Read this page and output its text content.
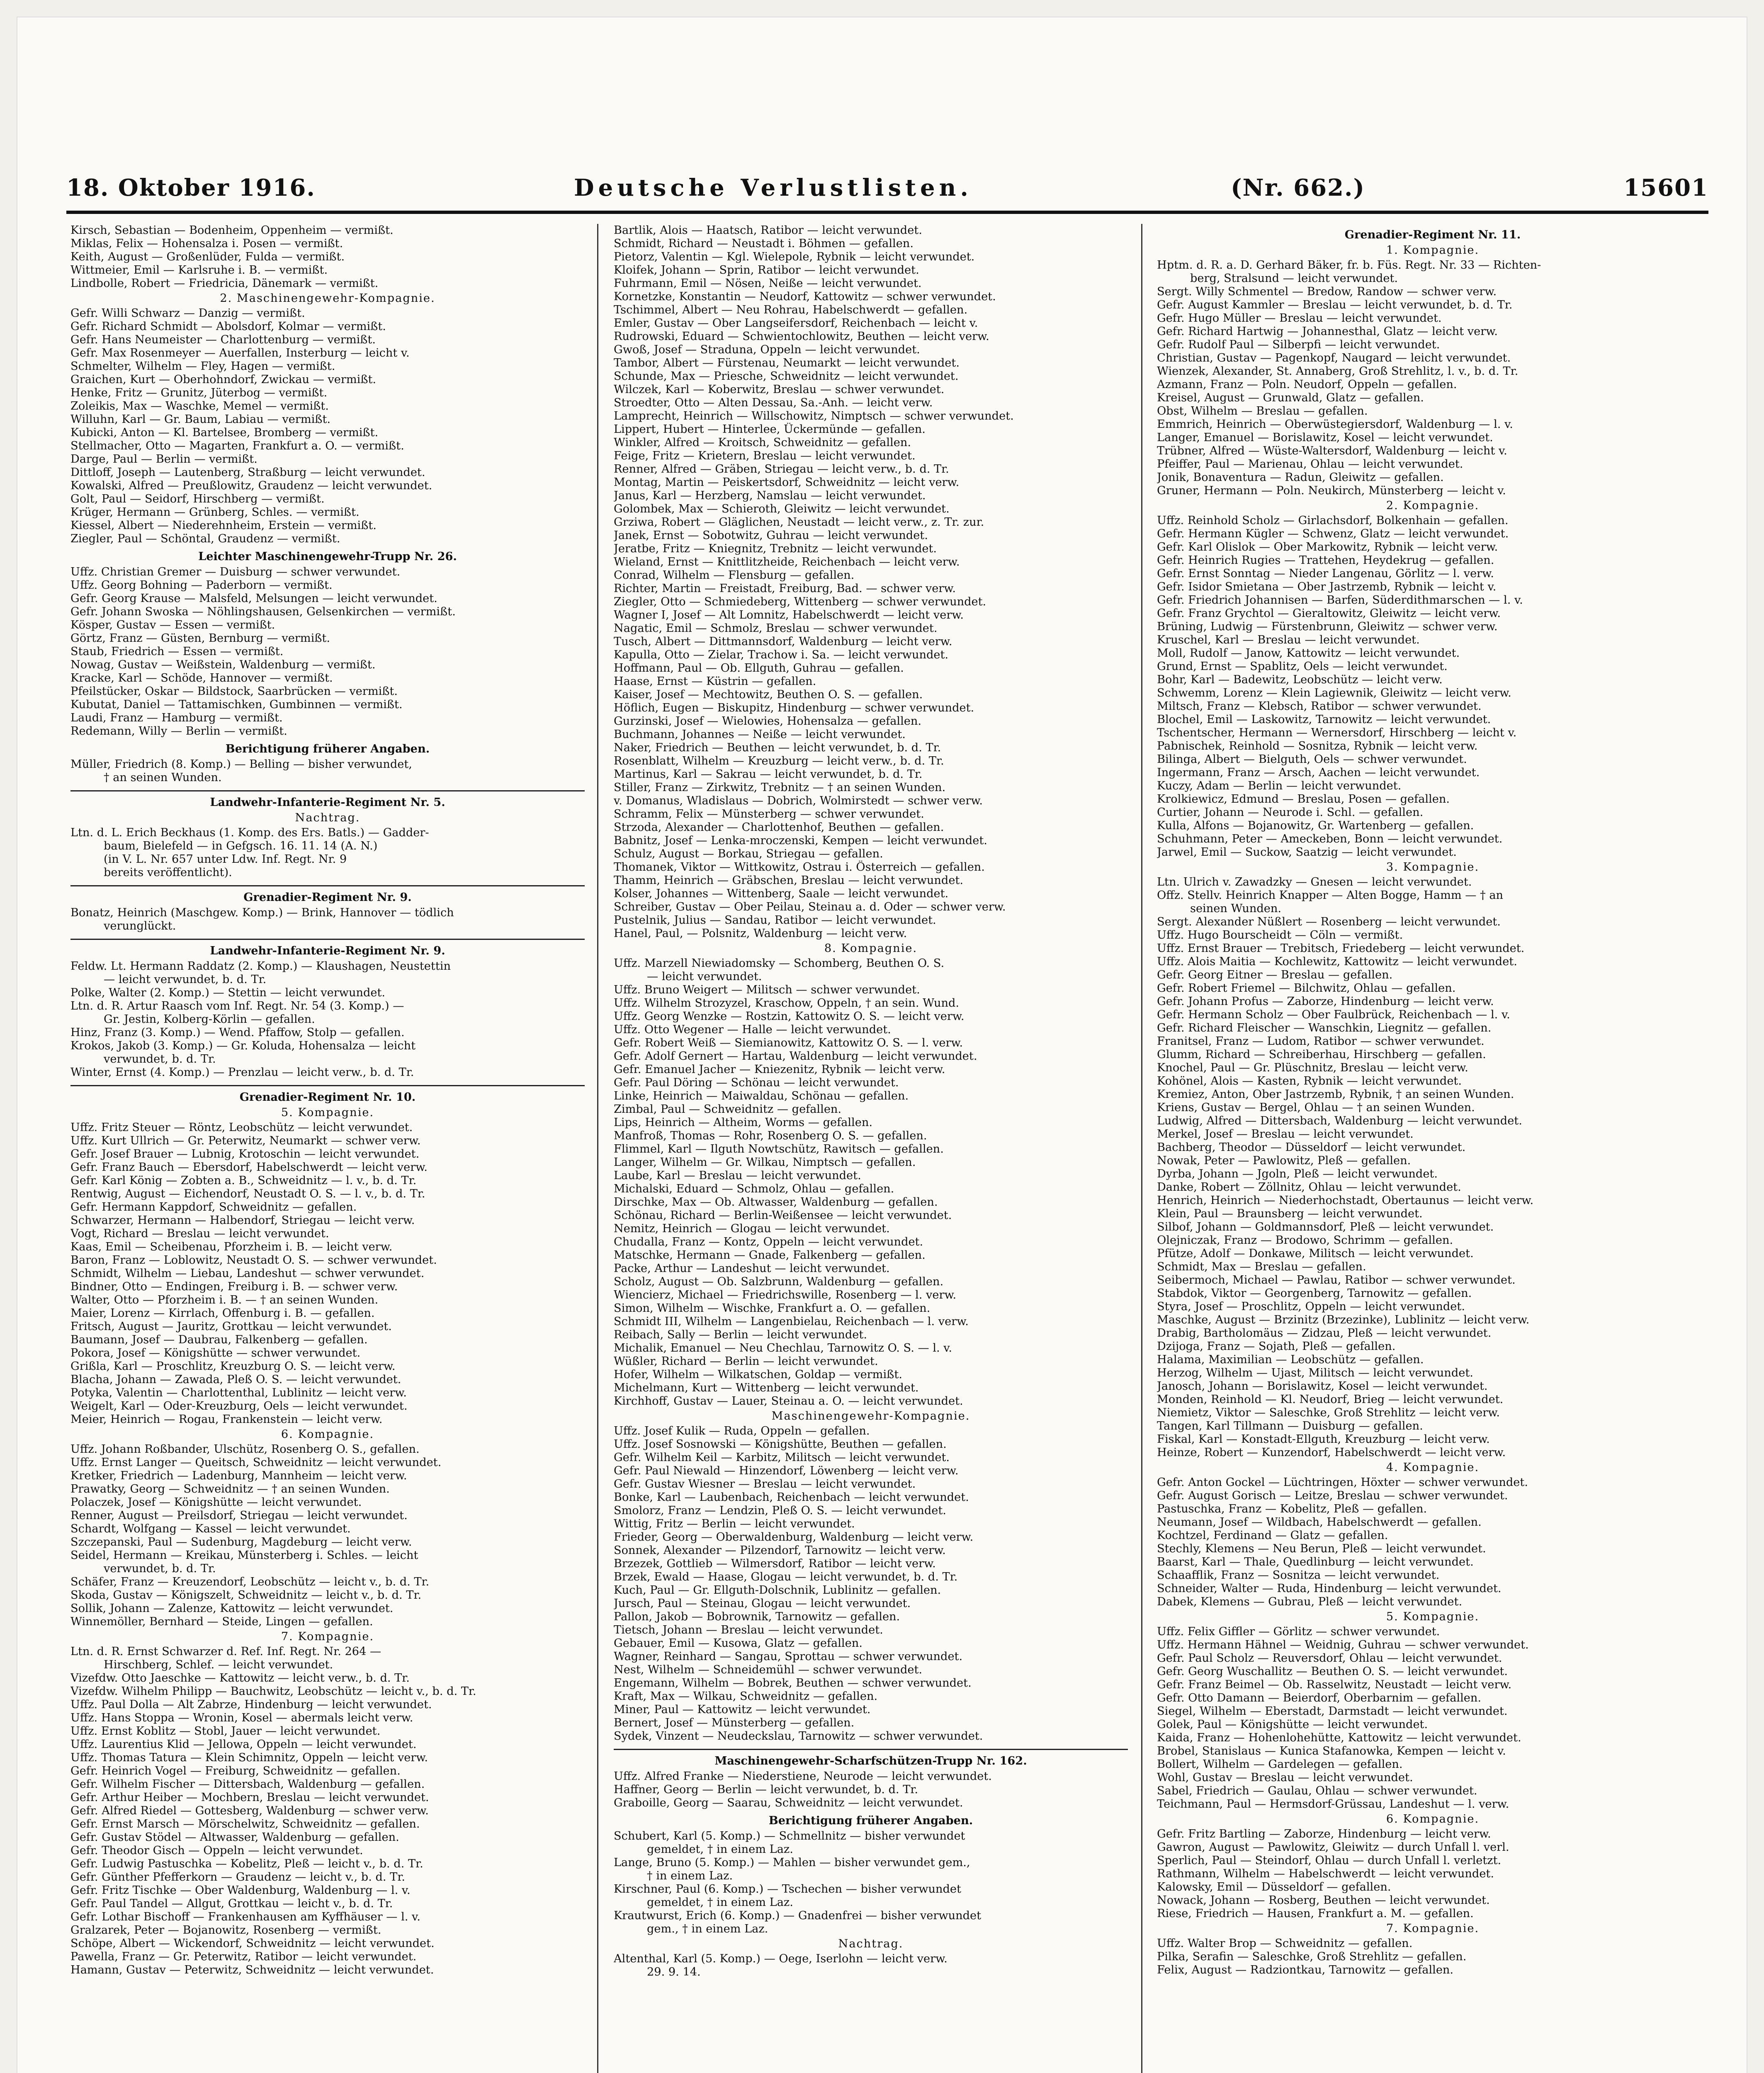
18. Oktober 1916.	Deutsche Verlustlisten.	(Nr. 662.)	15601
Kirsch, Sebastian — Bodenheim, Oppenheim — vermißt.
Miklas, Felix — Hohensalza i. Posen — vermißt.
Keith, August — Großenlüder, Fulda — vermißt.
Wittmeier, Emil — Karlsruhe i. B. — vermißt.
Lindbolle, Robert — Friedricia, Dänemark — vermißt.
2. Maschinengewehr-Kompagnie.
Gefr. Willi Schwarz — Danzig — vermißt.
Gefr. Richard Schmidt — Abolsdorf, Kolmar — vermißt.
Gefr. Hans Neumeister — Charlottenburg — vermißt.
Gefr. Max Rosenmeyer — Auerfallen, Insterburg — leicht v.
Schmelter, Wilhelm — Fley, Hagen — vermißt.
Graichen, Kurt — Oberhohndorf, Zwickau — vermißt.
Henke, Fritz — Grunitz, Jüterbog — vermißt.
Zoleikis, Max — Waschke, Memel — vermißt.
Willuhn, Karl — Gr. Baum, Labiau — vermißt.
Kubicki, Anton — Kl. Bartelsee, Bromberg — vermißt.
Stellmacher, Otto — Magarten, Frankfurt a. O. — vermißt.
Darge, Paul — Berlin — vermißt.
Dittloff, Joseph — Lautenberg, Straßburg — leicht verwundet.
Kowalski, Alfred — Preußlowitz, Graudenz — leicht verwundet.
Golt, Paul — Seidorf, Hirschberg — vermißt.
Krüger, Hermann — Grünberg, Schles. — vermißt.
Kiessel, Albert — Niederehnheim, Erstein — vermißt.
Ziegler, Paul — Schöntal, Graudenz — vermißt.
Leichter Maschinengewehr-Trupp Nr. 26.
Uffz. Christian Gremer — Duisburg — schwer verwundet.
Uffz. Georg Bohning — Paderborn — vermißt.
Gefr. Georg Krause — Malsfeld, Melsungen — leicht verwundet.
Gefr. Johann Swoska — Nöhlingshausen, Gelsenkirchen — vermißt.
Kösper, Gustav — Essen — vermißt.
Görtz, Franz — Güsten, Bernburg — vermißt.
Staub, Friedrich — Essen — vermißt.
Nowag, Gustav — Weißstein, Waldenburg — vermißt.
Kracke, Karl — Schöde, Hannover — vermißt.
Pfeilstücker, Oskar — Bildstock, Saarbrücken — vermißt.
Kubutat, Daniel — Tattamischken, Gumbinnen — vermißt.
Laudi, Franz — Hamburg — vermißt.
Redemann, Willy — Berlin — vermißt.
Berichtigung früherer Angaben.
Müller, Friedrich (8. Komp.) — Belling — bisher verwundet,
† an seinen Wunden.
Landwehr-Infanterie-Regiment Nr. 5.
Nachtrag.
Ltn. d. L. Erich Beckhaus (1. Komp. des Ers. Batls.) — Gadder-
baum, Bielefeld — in Gefgsch. 16. 11. 14 (A. N.)
(in V. L. Nr. 657 unter Ldw. Inf. Regt. Nr. 9
bereits veröffentlicht).
Grenadier-Regiment Nr. 9.
Bonatz, Heinrich (Maschgew. Komp.) — Brink, Hannover — tödlich
verunglückt.
Landwehr-Infanterie-Regiment Nr. 9.
Feldw. Lt. Hermann Raddatz (2. Komp.) — Klaushagen, Neustettin
— leicht verwundet, b. d. Tr.
Polke, Walter (2. Komp.) — Stettin — leicht verwundet.
Ltn. d. R. Artur Raasch vom Inf. Regt. Nr. 54 (3. Komp.) —
Gr. Jestin, Kolberg-Körlin — gefallen.
Hinz, Franz (3. Komp.) — Wend. Pfaffow, Stolp — gefallen.
Krokos, Jakob (3. Komp.) — Gr. Koluda, Hohensalza — leicht
verwundet, b. d. Tr.
Winter, Ernst (4. Komp.) — Prenzlau — leicht verw., b. d. Tr.
Grenadier-Regiment Nr. 10.
5. Kompagnie.
Uffz. Fritz Steuer — Röntz, Leobschütz — leicht verwundet.
Uffz. Kurt Ullrich — Gr. Peterwitz, Neumarkt — schwer verw.
Gefr. Josef Brauer — Lubnig, Krotoschin — leicht verwundet.
Gefr. Franz Bauch — Ebersdorf, Habelschwerdt — leicht verw.
Gefr. Karl König — Zobten a. B., Schweidnitz — l. v., b. d. Tr.
Rentwig, August — Eichendorf, Neustadt O. S. — l. v., b. d. Tr.
Gefr. Hermann Kappdorf, Schweidnitz — gefallen.
Schwarzer, Hermann — Halbendorf, Striegau — leicht verw.
Vogt, Richard — Breslau — leicht verwundet.
Kaas, Emil — Scheibenau, Pforzheim i. B. — leicht verw.
Baron, Franz — Loblowitz, Neustadt O. S. — schwer verwundet.
Schmidt, Wilhelm — Liebau, Landeshut — schwer verwundet.
Bindner, Otto — Endingen, Freiburg i. B. — schwer verw.
Walter, Otto — Pforzheim i. B. — † an seinen Wunden.
Maier, Lorenz — Kirrlach, Offenburg i. B. — gefallen.
Fritsch, August — Jauritz, Grottkau — leicht verwundet.
Baumann, Josef — Daubrau, Falkenberg — gefallen.
Pokora, Josef — Königshütte — schwer verwundet.
Grißla, Karl — Proschlitz, Kreuzburg O. S. — leicht verw.
Blacha, Johann — Zawada, Pleß O. S. — leicht verwundet.
Potyka, Valentin — Charlottenthal, Lublinitz — leicht verw.
Weigelt, Karl — Oder-Kreuzburg, Oels — leicht verwundet.
Meier, Heinrich — Rogau, Frankenstein — leicht verw.
6. Kompagnie.
Uffz. Johann Roßbander, Ulschütz, Rosenberg O. S., gefallen.
Uffz. Ernst Langer — Queitsch, Schweidnitz — leicht verwundet.
Kretker, Friedrich — Ladenburg, Mannheim — leicht verw.
Prawatky, Georg — Schweidnitz — † an seinen Wunden.
Polaczek, Josef — Königshütte — leicht verwundet.
Renner, August — Preilsdorf, Striegau — leicht verwundet.
Schardt, Wolfgang — Kassel — leicht verwundet.
Szczepanski, Paul — Sudenburg, Magdeburg — leicht verw.
Seidel, Hermann — Kreikau, Münsterberg i. Schles. — leicht
verwundet, b. d. Tr.
Schäfer, Franz — Kreuzendorf, Leobschütz — leicht v., b. d. Tr.
Skoda, Gustav — Königszelt, Schweidnitz — leicht v., b. d. Tr.
Sollik, Johann — Zalenze, Kattowitz — leicht verwundet.
Winnemöller, Bernhard — Steide, Lingen — gefallen.
7. Kompagnie.
Ltn. d. R. Ernst Schwarzer d. Ref. Inf. Regt. Nr. 264 —
Hirschberg, Schlef. — leicht verwundet.
Vizefdw. Otto Jaeschke — Kattowitz — leicht verw., b. d. Tr.
Vizefdw. Wilhelm Philipp — Bauchwitz, Leobschütz — leicht v., b. d. Tr.
Uffz. Paul Dolla — Alt Zabrze, Hindenburg — leicht verwundet.
Uffz. Hans Stoppa — Wronin, Kosel — abermals leicht verw.
Uffz. Ernst Koblitz — Stobl, Jauer — leicht verwundet.
Uffz. Laurentius Klid — Jellowa, Oppeln — leicht verwundet.
Uffz. Thomas Tatura — Klein Schimnitz, Oppeln — leicht verw.
Gefr. Heinrich Vogel — Freiburg, Schweidnitz — gefallen.
Gefr. Wilhelm Fischer — Dittersbach, Waldenburg — gefallen.
Gefr. Arthur Heiber — Mochbern, Breslau — leicht verwundet.
Gefr. Alfred Riedel — Gottesberg, Waldenburg — schwer verw.
Gefr. Ernst Marsch — Mörschelwitz, Schweidnitz — gefallen.
Gefr. Gustav Stödel — Altwasser, Waldenburg — gefallen.
Gefr. Theodor Gisch — Oppeln — leicht verwundet.
Gefr. Ludwig Pastuschka — Kobelitz, Pleß — leicht v., b. d. Tr.
Gefr. Günther Pfefferkorn — Graudenz — leicht v., b. d. Tr.
Gefr. Fritz Tischke — Ober Waldenburg, Waldenburg — l. v.
Gefr. Paul Tandel — Allgut, Grottkau — leicht v., b. d. Tr.
Gefr. Lothar Bischoff — Frankenhausen am Kyffhäuser — l. v.
Gralzarek, Peter — Bojanowitz, Rosenberg — vermißt.
Schöpe, Albert — Wickendorf, Schweidnitz — leicht verwundet.
Pawella, Franz — Gr. Peterwitz, Ratibor — leicht verwundet.
Hamann, Gustav — Peterwitz, Schweidnitz — leicht verwundet.
Bartlik, Alois — Haatsch, Ratibor — leicht verwundet.
Schmidt, Richard — Neustadt i. Böhmen — gefallen.
Pietorz, Valentin — Kgl. Wielepole, Rybnik — leicht verwundet.
Kloifek, Johann — Sprin, Ratibor — leicht verwundet.
Fuhrmann, Emil — Nösen, Neiße — leicht verwundet.
Kornetzke, Konstantin — Neudorf, Kattowitz — schwer verwundet.
Tschimmel, Albert — Neu Rohrau, Habelschwerdt — gefallen.
Emler, Gustav — Ober Langseifersdorf, Reichenbach — leicht v.
Rudrowski, Eduard — Schwientochlowitz, Beuthen — leicht verw.
Gwoß, Josef — Straduna, Oppeln — leicht verwundet.
Tambor, Albert — Fürstenau, Neumarkt — leicht verwundet.
Schunde, Max — Priesche, Schweidnitz — leicht verwundet.
Wilczek, Karl — Koberwitz, Breslau — schwer verwundet.
Stroedter, Otto — Alten Dessau, Sa.-Anh. — leicht verw.
Lamprecht, Heinrich — Willschowitz, Nimptsch — schwer verwundet.
Lippert, Hubert — Hinterlee, Ückermünde — gefallen.
Winkler, Alfred — Kroitsch, Schweidnitz — gefallen.
Feige, Fritz — Krietern, Breslau — leicht verwundet.
Renner, Alfred — Gräben, Striegau — leicht verw., b. d. Tr.
Montag, Martin — Peiskertsdorf, Schweidnitz — leicht verw.
Janus, Karl — Herzberg, Namslau — leicht verwundet.
Golombek, Max — Schieroth, Gleiwitz — leicht verwundet.
Grziwa, Robert — Gläglichen, Neustadt — leicht verw., z. Tr. zur.
Janek, Ernst — Sobotwitz, Guhrau — leicht verwundet.
Jeratbe, Fritz — Kniegnitz, Trebnitz — leicht verwundet.
Wieland, Ernst — Knittlitzheide, Reichenbach — leicht verw.
Conrad, Wilhelm — Flensburg — gefallen.
Richter, Martin — Freistadt, Freiburg, Bad. — schwer verw.
Ziegler, Otto — Schmiedeberg, Wittenberg — schwer verwundet.
Wagner I, Josef — Alt Lomnitz, Habelschwerdt — leicht verw.
Nagatic, Emil — Schmolz, Breslau — schwer verwundet.
Tusch, Albert — Dittmannsdorf, Waldenburg — leicht verw.
Kapulla, Otto — Zielar, Trachow i. Sa. — leicht verwundet.
Hoffmann, Paul — Ob. Ellguth, Guhrau — gefallen.
Haase, Ernst — Küstrin — gefallen.
Kaiser, Josef — Mechtowitz, Beuthen O. S. — gefallen.
Höflich, Eugen — Biskupitz, Hindenburg — schwer verwundet.
Gurzinski, Josef — Wielowies, Hohensalza — gefallen.
Buchmann, Johannes — Neiße — leicht verwundet.
Naker, Friedrich — Beuthen — leicht verwundet, b. d. Tr.
Rosenblatt, Wilhelm — Kreuzburg — leicht verw., b. d. Tr.
Martinus, Karl — Sakrau — leicht verwundet, b. d. Tr.
Stiller, Franz — Zirkwitz, Trebnitz — † an seinen Wunden.
v. Domanus, Wladislaus — Dobrich, Wolmirstedt — schwer verw.
Schramm, Felix — Münsterberg — schwer verwundet.
Strzoda, Alexander — Charlottenhof, Beuthen — gefallen.
Babnitz, Josef — Lenka-mroczenski, Kempen — leicht verwundet.
Schulz, August — Borkau, Striegau — gefallen.
Thomanek, Viktor — Wittkowitz, Ostrau i. Österreich — gefallen.
Thamm, Heinrich — Gräbschen, Breslau — leicht verwundet.
Kolser, Johannes — Wittenberg, Saale — leicht verwundet.
Schreiber, Gustav — Ober Peilau, Steinau a. d. Oder — schwer verw.
Pustelnik, Julius — Sandau, Ratibor — leicht verwundet.
Hanel, Paul, — Polsnitz, Waldenburg — leicht verw.
8. Kompagnie.
Uffz. Marzell Niewiadomsky — Schomberg, Beuthen O. S.
— leicht verwundet.
Uffz. Bruno Weigert — Militsch — schwer verwundet.
Uffz. Wilhelm Strozyzel, Kraschow, Oppeln, † an sein. Wund.
Uffz. Georg Wenzke — Rostzin, Kattowitz O. S. — leicht verw.
Uffz. Otto Wegener — Halle — leicht verwundet.
Gefr. Robert Weiß — Siemianowitz, Kattowitz O. S. — l. verw.
Gefr. Adolf Gernert — Hartau, Waldenburg — leicht verwundet.
Gefr. Emanuel Jacher — Kniezenitz, Rybnik — leicht verw.
Gefr. Paul Döring — Schönau — leicht verwundet.
Linke, Heinrich — Maiwaldau, Schönau — gefallen.
Zimbal, Paul — Schweidnitz — gefallen.
Lips, Heinrich — Altheim, Worms — gefallen.
Manfroß, Thomas — Rohr, Rosenberg O. S. — gefallen.
Flimmel, Karl — Ilguth Nowtschütz, Rawitsch — gefallen.
Langer, Wilhelm — Gr. Wilkau, Nimptsch — gefallen.
Laube, Karl — Breslau — leicht verwundet.
Michalski, Eduard — Schmolz, Ohlau — gefallen.
Dirschke, Max — Ob. Altwasser, Waldenburg — gefallen.
Schönau, Richard — Berlin-Weißensee — leicht verwundet.
Nemitz, Heinrich — Glogau — leicht verwundet.
Chudalla, Franz — Kontz, Oppeln — leicht verwundet.
Matschke, Hermann — Gnade, Falkenberg — gefallen.
Packe, Arthur — Landeshut — leicht verwundet.
Scholz, August — Ob. Salzbrunn, Waldenburg — gefallen.
Wiencierz, Michael — Friedrichswille, Rosenberg — l. verw.
Simon, Wilhelm — Wischke, Frankfurt a. O. — gefallen.
Schmidt III, Wilhelm — Langenbielau, Reichenbach — l. verw.
Reibach, Sally — Berlin — leicht verwundet.
Michalik, Emanuel — Neu Chechlau, Tarnowitz O. S. — l. v.
Wüßler, Richard — Berlin — leicht verwundet.
Hofer, Wilhelm — Wilkatschen, Goldap — vermißt.
Michelmann, Kurt — Wittenberg — leicht verwundet.
Kirchhoff, Gustav — Lauer, Steinau a. O. — leicht verwundet.
Maschinengewehr-Kompagnie.
Uffz. Josef Kulik — Ruda, Oppeln — gefallen.
Uffz. Josef Sosnowski — Königshütte, Beuthen — gefallen.
Gefr. Wilhelm Keil — Karbitz, Militsch — leicht verwundet.
Gefr. Paul Niewald — Hinzendorf, Löwenberg — leicht verw.
Gefr. Gustav Wiesner — Breslau — leicht verwundet.
Bonke, Karl — Laubenbach, Reichenbach — leicht verwundet.
Smolorz, Franz — Lendzin, Pleß O. S. — leicht verwundet.
Wittig, Fritz — Berlin — leicht verwundet.
Frieder, Georg — Oberwaldenburg, Waldenburg — leicht verw.
Sonnek, Alexander — Pilzendorf, Tarnowitz — leicht verw.
Brzezek, Gottlieb — Wilmersdorf, Ratibor — leicht verw.
Brzek, Ewald — Haase, Glogau — leicht verwundet, b. d. Tr.
Kuch, Paul — Gr. Ellguth-Dolschnik, Lublinitz — gefallen.
Jursch, Paul — Steinau, Glogau — leicht verwundet.
Pallon, Jakob — Bobrownik, Tarnowitz — gefallen.
Tietsch, Johann — Breslau — leicht verwundet.
Gebauer, Emil — Kusowa, Glatz — gefallen.
Wagner, Reinhard — Sangau, Sprottau — schwer verwundet.
Nest, Wilhelm — Schneidemühl — schwer verwundet.
Engemann, Wilhelm — Bobrek, Beuthen — schwer verwundet.
Kraft, Max — Wilkau, Schweidnitz — gefallen.
Miner, Paul — Kattowitz — leicht verwundet.
Bernert, Josef — Münsterberg — gefallen.
Sydek, Vinzent — Neudeckslau, Tarnowitz — schwer verwundet.
Maschinengewehr-Scharfschützen-Trupp Nr. 162.
Uffz. Alfred Franke — Niederstiene, Neurode — leicht verwundet.
Haffner, Georg — Berlin — leicht verwundet, b. d. Tr.
Graboille, Georg — Saarau, Schweidnitz — leicht verwundet.
Berichtigung früherer Angaben.
Schubert, Karl (5. Komp.) — Schmellnitz — bisher verwundet
gemeldet, † in einem Laz.
Lange, Bruno (5. Komp.) — Mahlen — bisher verwundet gem.,
† in einem Laz.
Kirschner, Paul (6. Komp.) — Tschechen — bisher verwundet
gemeldet, † in einem Laz.
Krautwurst, Erich (6. Komp.) — Gnadenfrei — bisher verwundet
gem., † in einem Laz.
Nachtrag.
Altenthal, Karl (5. Komp.) — Oege, Iserlohn — leicht verw.
29. 9. 14.
Grenadier-Regiment Nr. 11.
1. Kompagnie.
Hptm. d. R. a. D. Gerhard Bäker, fr. b. Füs. Regt. Nr. 33 — Richten-
berg, Stralsund — leicht verwundet.
Sergt. Willy Schmentel — Bredow, Randow — schwer verw.
Gefr. August Kammler — Breslau — leicht verwundet, b. d. Tr.
Gefr. Hugo Müller — Breslau — leicht verwundet.
Gefr. Richard Hartwig — Johannesthal, Glatz — leicht verw.
Gefr. Rudolf Paul — Silberpfi — leicht verwundet.
Christian, Gustav — Pagenkopf, Naugard — leicht verwundet.
Wienzek, Alexander, St. Annaberg, Groß Strehlitz, l. v., b. d. Tr.
Azmann, Franz — Poln. Neudorf, Oppeln — gefallen.
Kreisel, August — Grunwald, Glatz — gefallen.
Obst, Wilhelm — Breslau — gefallen.
Emmrich, Heinrich — Oberwüstegiersdorf, Waldenburg — l. v.
Langer, Emanuel — Borislawitz, Kosel — leicht verwundet.
Trübner, Alfred — Wüste-Waltersdorf, Waldenburg — leicht v.
Pfeiffer, Paul — Marienau, Ohlau — leicht verwundet.
Jonik, Bonaventura — Radun, Gleiwitz — gefallen.
Gruner, Hermann — Poln. Neukirch, Münsterberg — leicht v.
2. Kompagnie.
Uffz. Reinhold Scholz — Girlachsdorf, Bolkenhain — gefallen.
Gefr. Hermann Kügler — Schwenz, Glatz — leicht verwundet.
Gefr. Karl Olislok — Ober Markowitz, Rybnik — leicht verw.
Gefr. Heinrich Rugies — Trattehen, Heydekrug — gefallen.
Gefr. Ernst Sonntag — Nieder Langenau, Görlitz — l. verw.
Gefr. Isidor Smietana — Ober Jastrzemb, Rybnik — leicht v.
Gefr. Friedrich Johannisen — Barfen, Süderdithmarschen — l. v.
Gefr. Franz Grychtol — Gieraltowitz, Gleiwitz — leicht verw.
Brüning, Ludwig — Fürstenbrunn, Gleiwitz — schwer verw.
Kruschel, Karl — Breslau — leicht verwundet.
Moll, Rudolf — Janow, Kattowitz — leicht verwundet.
Grund, Ernst — Spablitz, Oels — leicht verwundet.
Bohr, Karl — Badewitz, Leobschütz — leicht verw.
Schwemm, Lorenz — Klein Lagiewnik, Gleiwitz — leicht verw.
Miltsch, Franz — Klebsch, Ratibor — schwer verwundet.
Blochel, Emil — Laskowitz, Tarnowitz — leicht verwundet.
Tschentscher, Hermann — Wernersdorf, Hirschberg — leicht v.
Pabnischek, Reinhold — Sosnitza, Rybnik — leicht verw.
Bilinga, Albert — Bielguth, Oels — schwer verwundet.
Ingermann, Franz — Arsch, Aachen — leicht verwundet.
Kuczy, Adam — Berlin — leicht verwundet.
Krolkiewicz, Edmund — Breslau, Posen — gefallen.
Curtier, Johann — Neurode i. Schl. — gefallen.
Kulla, Alfons — Bojanowitz, Gr. Wartenberg — gefallen.
Schuhmann, Peter — Ameckeben, Bonn — leicht verwundet.
Jarwel, Emil — Suckow, Saatzig — leicht verwundet.
3. Kompagnie.
Ltn. Ulrich v. Zawadzky — Gnesen — leicht verwundet.
Offz. Stellv. Heinrich Knapper — Alten Bogge, Hamm — † an
seinen Wunden.
Sergt. Alexander Nüßlert — Rosenberg — leicht verwundet.
Uffz. Hugo Bourscheidt — Cöln — vermißt.
Uffz. Ernst Brauer — Trebitsch, Friedeberg — leicht verwundet.
Uffz. Alois Maitia — Kochlewitz, Kattowitz — leicht verwundet.
Gefr. Georg Eitner — Breslau — gefallen.
Gefr. Robert Friemel — Bilchwitz, Ohlau — gefallen.
Gefr. Johann Profus — Zaborze, Hindenburg — leicht verw.
Gefr. Hermann Scholz — Ober Faulbrück, Reichenbach — l. v.
Gefr. Richard Fleischer — Wanschkin, Liegnitz — gefallen.
Franitsel, Franz — Ludom, Ratibor — schwer verwundet.
Glumm, Richard — Schreiberhau, Hirschberg — gefallen.
Knochel, Paul — Gr. Plüschnitz, Breslau — leicht verw.
Kohönel, Alois — Kasten, Rybnik — leicht verwundet.
Kremiez, Anton, Ober Jastrzemb, Rybnik, † an seinen Wunden.
Kriens, Gustav — Bergel, Ohlau — † an seinen Wunden.
Ludwig, Alfred — Dittersbach, Waldenburg — leicht verwundet.
Merkel, Josef — Breslau — leicht verwundet.
Bachberg, Theodor — Düsseldorf — leicht verwundet.
Nowak, Peter — Pawlowitz, Pleß — gefallen.
Dyrba, Johann — Jgoln, Pleß — leicht verwundet.
Danke, Robert — Zöllnitz, Ohlau — leicht verwundet.
Henrich, Heinrich — Niederhochstadt, Obertaunus — leicht verw.
Klein, Paul — Braunsberg — leicht verwundet.
Silbof, Johann — Goldmannsdorf, Pleß — leicht verwundet.
Olejniczak, Franz — Brodowo, Schrimm — gefallen.
Pfütze, Adolf — Donkawe, Militsch — leicht verwundet.
Schmidt, Max — Breslau — gefallen.
Seibermoch, Michael — Pawlau, Ratibor — schwer verwundet.
Stabdok, Viktor — Georgenberg, Tarnowitz — gefallen.
Styra, Josef — Proschlitz, Oppeln — leicht verwundet.
Maschke, August — Brzinitz (Brzezinke), Lublinitz — leicht verw.
Drabig, Bartholomäus — Zidzau, Pleß — leicht verwundet.
Dzijoga, Franz — Sojath, Pleß — gefallen.
Halama, Maximilian — Leobschütz — gefallen.
Herzog, Wilhelm — Ujast, Militsch — leicht verwundet.
Janosch, Johann — Borislawitz, Kosel — leicht verwundet.
Monden, Reinhold — Kl. Neudorf, Brieg — leicht verwundet.
Niemietz, Viktor — Saleschke, Groß Strehlitz — leicht verw.
Tangen, Karl Tillmann — Duisburg — gefallen.
Fiskal, Karl — Konstadt-Ellguth, Kreuzburg — leicht verw.
Heinze, Robert — Kunzendorf, Habelschwerdt — leicht verw.
4. Kompagnie.
Gefr. Anton Gockel — Lüchtringen, Höxter — schwer verwundet.
Gefr. August Gorisch — Leitze, Breslau — schwer verwundet.
Pastuschka, Franz — Kobelitz, Pleß — gefallen.
Neumann, Josef — Wildbach, Habelschwerdt — gefallen.
Kochtzel, Ferdinand — Glatz — gefallen.
Stechly, Klemens — Neu Berun, Pleß — leicht verwundet.
Baarst, Karl — Thale, Quedlinburg — leicht verwundet.
Schaafflik, Franz — Sosnitza — leicht verwundet.
Schneider, Walter — Ruda, Hindenburg — leicht verwundet.
Dabek, Klemens — Gubrau, Pleß — leicht verwundet.
5. Kompagnie.
Uffz. Felix Giffler — Görlitz — schwer verwundet.
Uffz. Hermann Hähnel — Weidnig, Guhrau — schwer verwundet.
Gefr. Paul Scholz — Reuversdorf, Ohlau — leicht verwundet.
Gefr. Georg Wuschallitz — Beuthen O. S. — leicht verwundet.
Gefr. Franz Beimel — Ob. Rasselwitz, Neustadt — leicht verw.
Gefr. Otto Damann — Beierdorf, Oberbarnim — gefallen.
Siegel, Wilhelm — Eberstadt, Darmstadt — leicht verwundet.
Golek, Paul — Königshütte — leicht verwundet.
Kaida, Franz — Hohenlohehütte, Kattowitz — leicht verwundet.
Brobel, Stanislaus — Kunica Stafanowka, Kempen — leicht v.
Bollert, Wilhelm — Gardelegen — gefallen.
Wohl, Gustav — Breslau — leicht verwundet.
Sabel, Friedrich — Gaulau, Ohlau — schwer verwundet.
Teichmann, Paul — Hermsdorf-Grüssau, Landeshut — l. verw.
6. Kompagnie.
Gefr. Fritz Bartling — Zaborze, Hindenburg — leicht verw.
Gawron, August — Pawlowitz, Gleiwitz — durch Unfall l. verl.
Sperlich, Paul — Steindorf, Ohlau — durch Unfall l. verletzt.
Rathmann, Wilhelm — Habelschwerdt — leicht verwundet.
Kalowsky, Emil — Düsseldorf — gefallen.
Nowack, Johann — Rosberg, Beuthen — leicht verwundet.
Riese, Friedrich — Hausen, Frankfurt a. M. — gefallen.
7. Kompagnie.
Uffz. Walter Brop — Schweidnitz — gefallen.
Pilka, Serafin — Saleschke, Groß Strehlitz — gefallen.
Felix, August — Radziontkau, Tarnowitz — gefallen.
